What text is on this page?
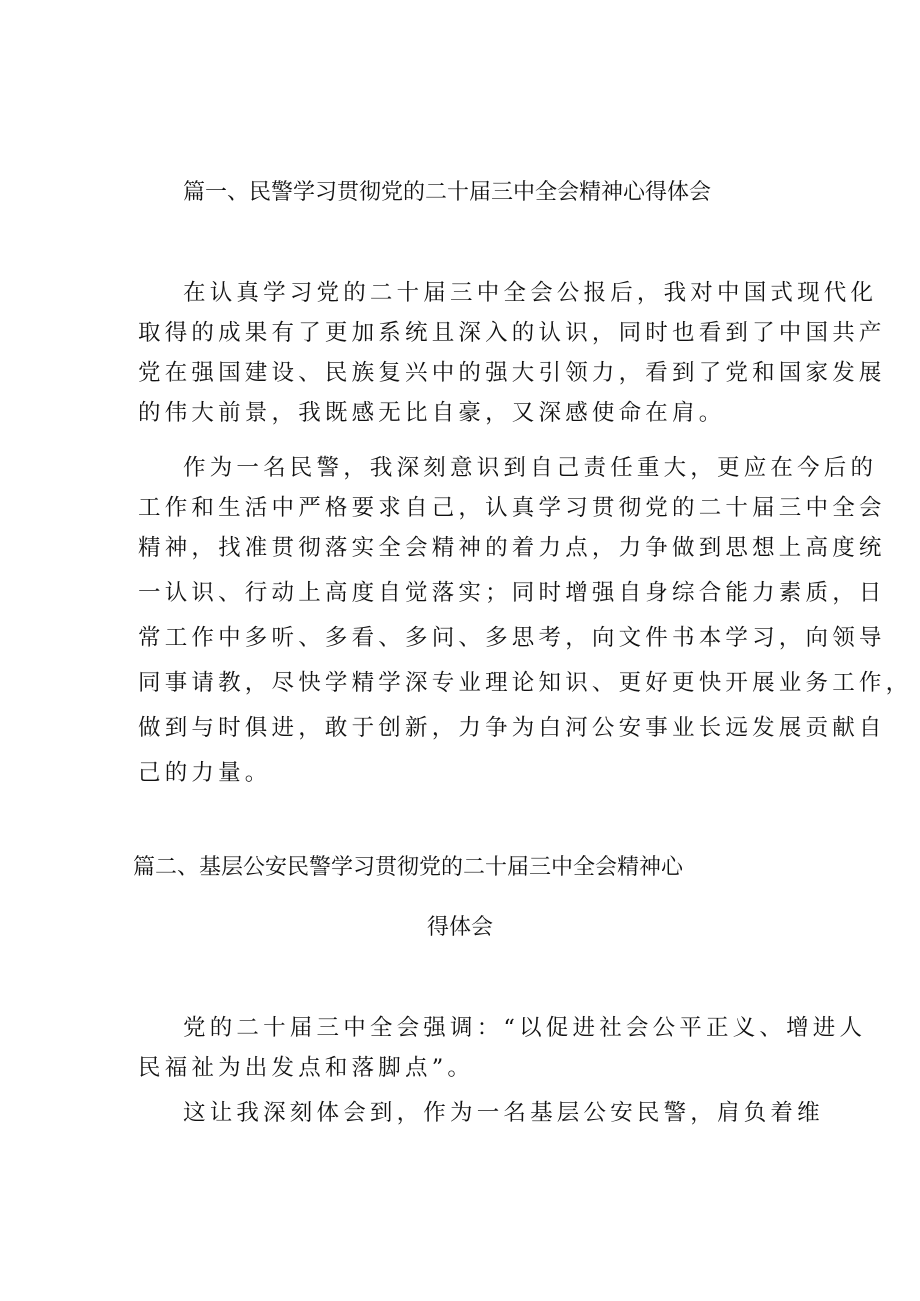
篇一、民警学习贯彻党的二十届三中全会精神心得体会
在认真学习党的二十届三中全会公报后，我对中国式现代化
取得的成果有了更加系统且深入的认识，同时也看到了中国共产
党在强国建设、民族复兴中的强大引领力，看到了党和国家发展
的伟大前景，我既感无比自豪，又深感使命在肩。
作为一名民警，我深刻意识到自己责任重大，更应在今后的
工作和生活中严格要求自己，认真学习贯彻党的二十届三中全会
精神，找准贯彻落实全会精神的着力点，力争做到思想上高度统
一认识、行动上高度自觉落实；同时增强自身综合能力素质，日
常工作中多听、多看、多问、多思考，向文件书本学习，向领导
同事请教，尽快学精学深专业理论知识、更好更快开展业务工作，
做到与时俱进，敢于创新，力争为白河公安事业长远发展贡献自
己的力量。
篇二、基层公安民警学习贯彻党的二十届三中全会精神心
得体会
党的二十届三中全会强调：“以促进社会公平正义、增进人
民福祉为出发点和落脚点”。
这让我深刻体会到，作为一名基层公安民警，肩负着维
